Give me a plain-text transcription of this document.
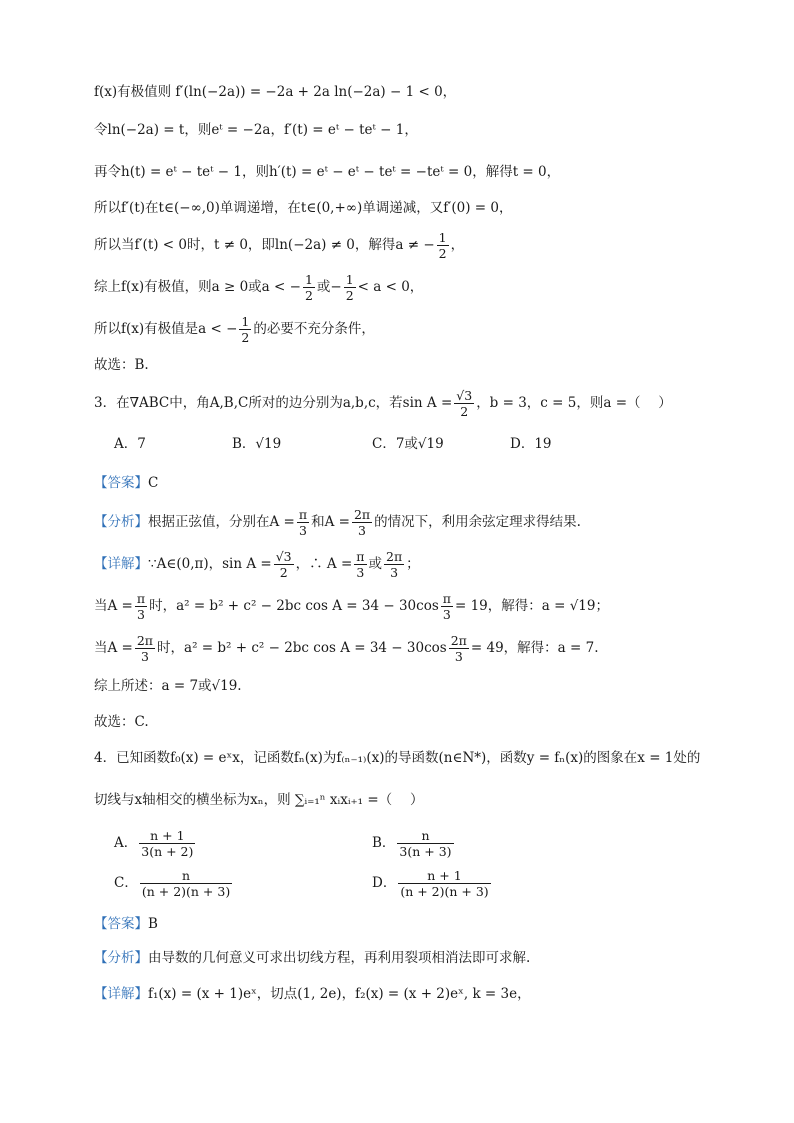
f(x)有极值则 f′(ln(−2a)) = −2a + 2a ln(−2a) − 1 < 0，
令ln(−2a) = t，则eᵗ = −2a，f′(t) = eᵗ − teᵗ − 1，
再令h(t) = eᵗ − teᵗ − 1，则h′(t) = eᵗ − eᵗ − teᵗ = −teᵗ = 0，解得t = 0，
所以f′(t)在t∈(−∞,0)单调递增，在t∈(0,+∞)单调递减，又f′(0) = 0，
所以当f′(t) < 0时，t ≠ 0，即ln(−2a) ≠ 0，解得a ≠ − $\frac{1}{2}$ ，
综上f(x)有极值，则a ≥ 0或a < − $\frac{1}{2}$ 或− $\frac{1}{2} < a < 0$，
所以f(x)有极值是a < − $\frac{1}{2}$ 的必要不充分条件，
故选：B.
3．在∇ABC中，角A,B,C所对的边分别为a,b,c，若$\sin A = \frac{√3}{2}$ ，b = 3，c = 5，则a =（　 ）
A．7	B．√19	C．7或√19	D．19
【答案】C
【分析】根据正弦值，分别在$A = \frac{\pi}{3}$ 和$A = \frac{2\pi}{3}$ 的情况下，利用余弦定理求得结果.
【详解】∵A∈(0,π)，$\sin A = \frac{√3}{2}$ ，∴ $A = \frac{\pi}{3}$ 或 $\frac{2\pi}{3}$ ；
当$A = \frac{\pi}{3}$ 时，a² = b² + c² − 2bc $\cos A = 34 - 30\cos \frac{\pi}{3} = 19$，解得：a = √19；
当$A = \frac{2\pi}{3}$ 时，a² = b² + c² − 2bc $\cos A = 34 - 30\cos \frac{2\pi}{3} = 49$，解得：a = 7.
综上所述：a = 7或√19.
故选：C.
4．已知函数f₀(x) = eˣx，记函数fₙ(x)为f₍ₙ₋₁₎(x)的导函数(n∈N*)，函数y = fₙ(x)的图象在x = 1处的
切线与x轴相交的横坐标为xₙ，则 ∑ᵢ₌₁ⁿ xᵢxᵢ₊₁ =（　 ）
A． $\frac{n + 1}{3(n + 2)}$	B． $\frac{n}{3(n + 3)}$
C． $\frac{n}{(n + 2)(n + 3)}$	D． $\frac{n + 1}{(n + 2)(n + 3)}$
【答案】B
【分析】由导数的几何意义可求出切线方程，再利用裂项相消法即可求解.
【详解】f₁(x) = (x + 1)eˣ，切点(1, 2e)，f₂(x) = (x + 2)eˣ, k = 3e，
